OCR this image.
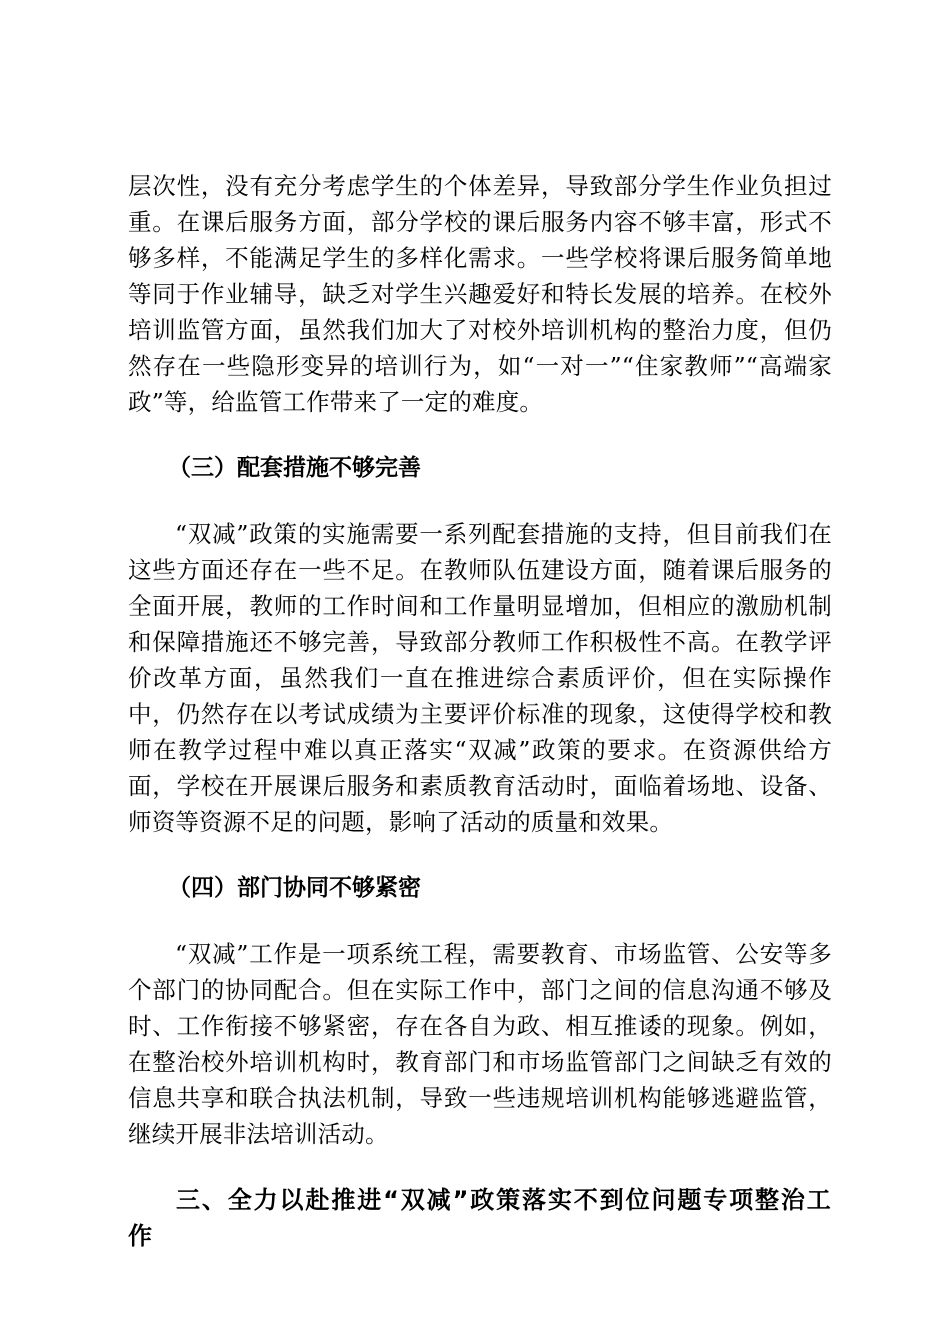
层次性，没有充分考虑学生的个体差异，导致部分学生作业负担过重。在课后服务方面，部分学校的课后服务内容不够丰富，形式不够多样，不能满足学生的多样化需求。一些学校将课后服务简单地等同于作业辅导，缺乏对学生兴趣爱好和特长发展的培养。在校外培训监管方面，虽然我们加大了对校外培训机构的整治力度，但仍然存在一些隐形变异的培训行为，如“一对一”“住家教师”“高端家政”等，给监管工作带来了一定的难度。

（三）配套措施不够完善

“双减”政策的实施需要一系列配套措施的支持，但目前我们在这些方面还存在一些不足。在教师队伍建设方面，随着课后服务的全面开展，教师的工作时间和工作量明显增加，但相应的激励机制和保障措施还不够完善，导致部分教师工作积极性不高。在教学评价改革方面，虽然我们一直在推进综合素质评价，但在实际操作中，仍然存在以考试成绩为主要评价标准的现象，这使得学校和教师在教学过程中难以真正落实“双减”政策的要求。在资源供给方面，学校在开展课后服务和素质教育活动时，面临着场地、设备、师资等资源不足的问题，影响了活动的质量和效果。

（四）部门协同不够紧密

“双减”工作是一项系统工程，需要教育、市场监管、公安等多个部门的协同配合。但在实际工作中，部门之间的信息沟通不够及时、工作衔接不够紧密，存在各自为政、相互推诿的现象。例如，在整治校外培训机构时，教育部门和市场监管部门之间缺乏有效的信息共享和联合执法机制，导致一些违规培训机构能够逃避监管，继续开展非法培训活动。

三、全力以赴推进“双减”政策落实不到位问题专项整治工作
